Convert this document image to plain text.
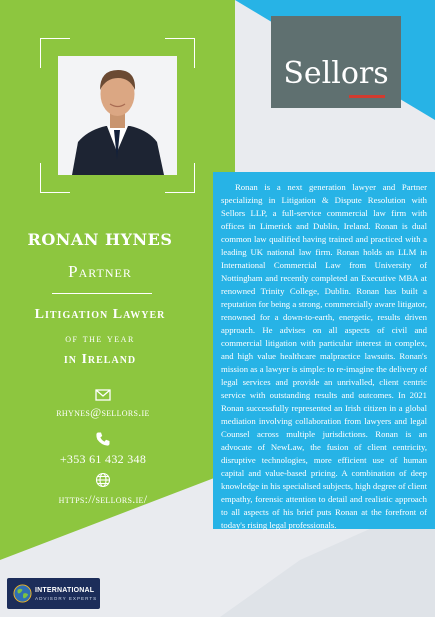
RONAN HYNES
Partner
Litigation Lawyer
of the year
in Ireland
rhynes@sellors.ie
+353 61 432 348
https://sellors.ie/
Sellors

Ronan is a next generation lawyer and Partner specializing in Litigation & Dispute Resolution with Sellors LLP, a full-service commercial law firm with offices in Limerick and Dublin, Ireland. Ronan is dual common law qualified having trained and practiced with a leading UK national law firm. Ronan holds an LLM in International Commercial Law from University of Nottingham and recently completed an Executive MBA at renowned Trinity College, Dublin. Ronan has built a reputation for being a strong, commercially aware litigator, renowned for a down-to-earth, energetic, results driven approach. He advises on all aspects of civil and commercial litigation with particular interest in complex, and high value healthcare malpractice lawsuits. Ronan's mission as a lawyer is simple: to re-imagine the delivery of legal services and provide an unrivalled, client centric service with outstanding results and outcomes. In 2021 Ronan successfully represented an Irish citizen in a global mediation involving collaboration from lawyers and legal Counsel across multiple jurisdictions. Ronan is an advocate of NewLaw, the fusion of client centricity, disruptive technologies, more efficient use of human capital and value-based pricing. A combination of deep knowledge in his specialised subjects, high degree of client empathy, forensic attention to detail and realistic approach to all aspects of his brief puts Ronan at the forefront of today's rising legal professionals.

INTERNATIONAL
ADVISORY EXPERTS
